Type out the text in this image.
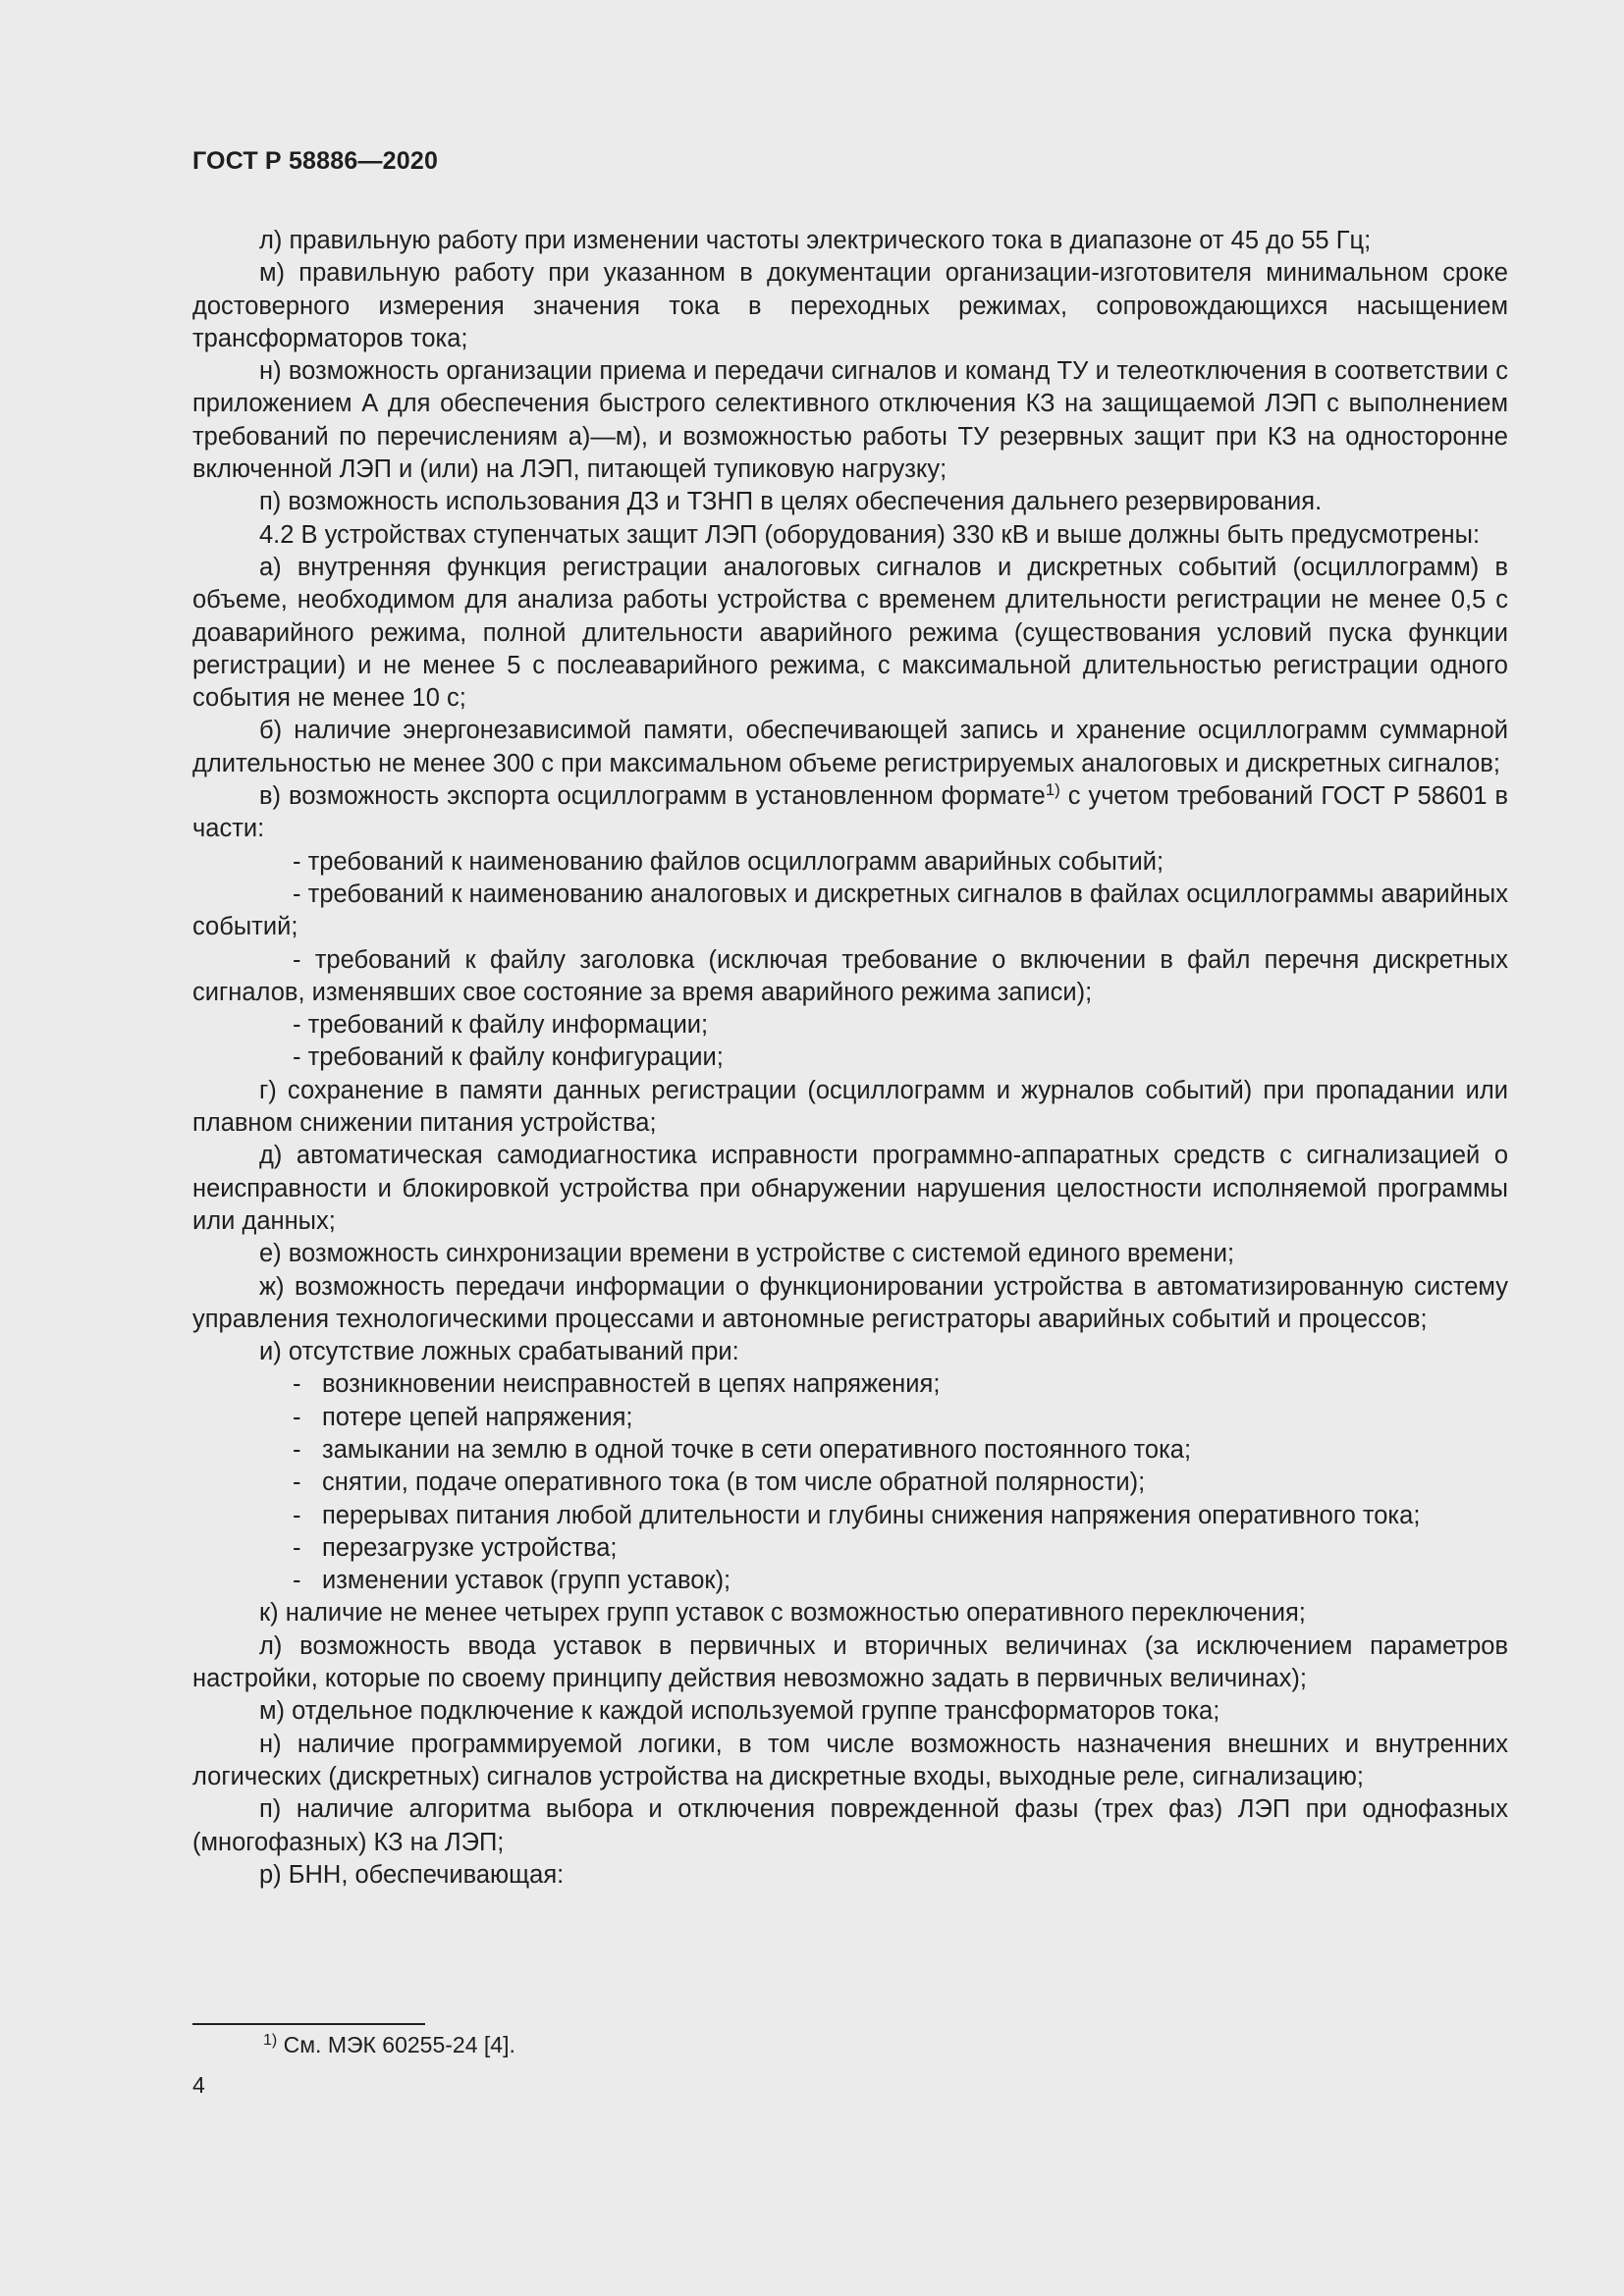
ГОСТ Р 58886—2020

л) правильную работу при изменении частоты электрического тока в диапазоне от 45 до 55 Гц;

м) правильную работу при указанном в документации организации-изготовителя минимальном сроке достоверного измерения значения тока в переходных режимах, сопровождающихся насыщением трансформаторов тока;

н) возможность организации приема и передачи сигналов и команд ТУ и телеотключения в соответствии с приложением А для обеспечения быстрого селективного отключения КЗ на защищаемой ЛЭП с выполнением требований по перечислениям а)—м), и возможностью работы ТУ резервных защит при КЗ на односторонне включенной ЛЭП и (или) на ЛЭП, питающей тупиковую нагрузку;

п) возможность использования ДЗ и ТЗНП в целях обеспечения дальнего резервирования.

4.2 В устройствах ступенчатых защит ЛЭП (оборудования) 330 кВ и выше должны быть предусмотрены:

а) внутренняя функция регистрации аналоговых сигналов и дискретных событий (осциллограмм) в объеме, необходимом для анализа работы устройства с временем длительности регистрации не менее 0,5 с доаварийного режима, полной длительности аварийного режима (существования условий пуска функции регистрации) и не менее 5 с послеаварийного режима, с максимальной длительностью регистрации одного события не менее 10 с;

б) наличие энергонезависимой памяти, обеспечивающей запись и хранение осциллограмм суммарной длительностью не менее 300 с при максимальном объеме регистрируемых аналоговых и дискретных сигналов;

в) возможность экспорта осциллограмм в установленном формате$^{1)}$ с учетом требований ГОСТ Р 58601 в части:

- требований к наименованию файлов осциллограмм аварийных событий;

- требований к наименованию аналоговых и дискретных сигналов в файлах осциллограммы аварийных событий;

- требований к файлу заголовка (исключая требование о включении в файл перечня дискретных сигналов, изменявших свое состояние за время аварийного режима записи);

- требований к файлу информации;

- требований к файлу конфигурации;

г) сохранение в памяти данных регистрации (осциллограмм и журналов событий) при пропадании или плавном снижении питания устройства;

д) автоматическая самодиагностика исправности программно-аппаратных средств с сигнализацией о неисправности и блокировкой устройства при обнаружении нарушения целостности исполняемой программы или данных;

е) возможность синхронизации времени в устройстве с системой единого времени;

ж) возможность передачи информации о функционировании устройства в автоматизированную систему управления технологическими процессами и автономные регистраторы аварийных событий и процессов;

и) отсутствие ложных срабатываний при:

- возникновении неисправностей в цепях напряжения;

- потере цепей напряжения;

- замыкании на землю в одной точке в сети оперативного постоянного тока;

- снятии, подаче оперативного тока (в том числе обратной полярности);

- перерывах питания любой длительности и глубины снижения напряжения оперативного тока;

- перезагрузке устройства;

- изменении уставок (групп уставок);

к) наличие не менее четырех групп уставок с возможностью оперативного переключения;

л) возможность ввода уставок в первичных и вторичных величинах (за исключением параметров настройки, которые по своему принципу действия невозможно задать в первичных величинах);

м) отдельное подключение к каждой используемой группе трансформаторов тока;

н) наличие программируемой логики, в том числе возможность назначения внешних и внутренних логических (дискретных) сигналов устройства на дискретные входы, выходные реле, сигнализацию;

п) наличие алгоритма выбора и отключения поврежденной фазы (трех фаз) ЛЭП при однофазных (многофазных) КЗ на ЛЭП;

р) БНН, обеспечивающая:

$^{1)}$ См. МЭК 60255-24 [4].
4
